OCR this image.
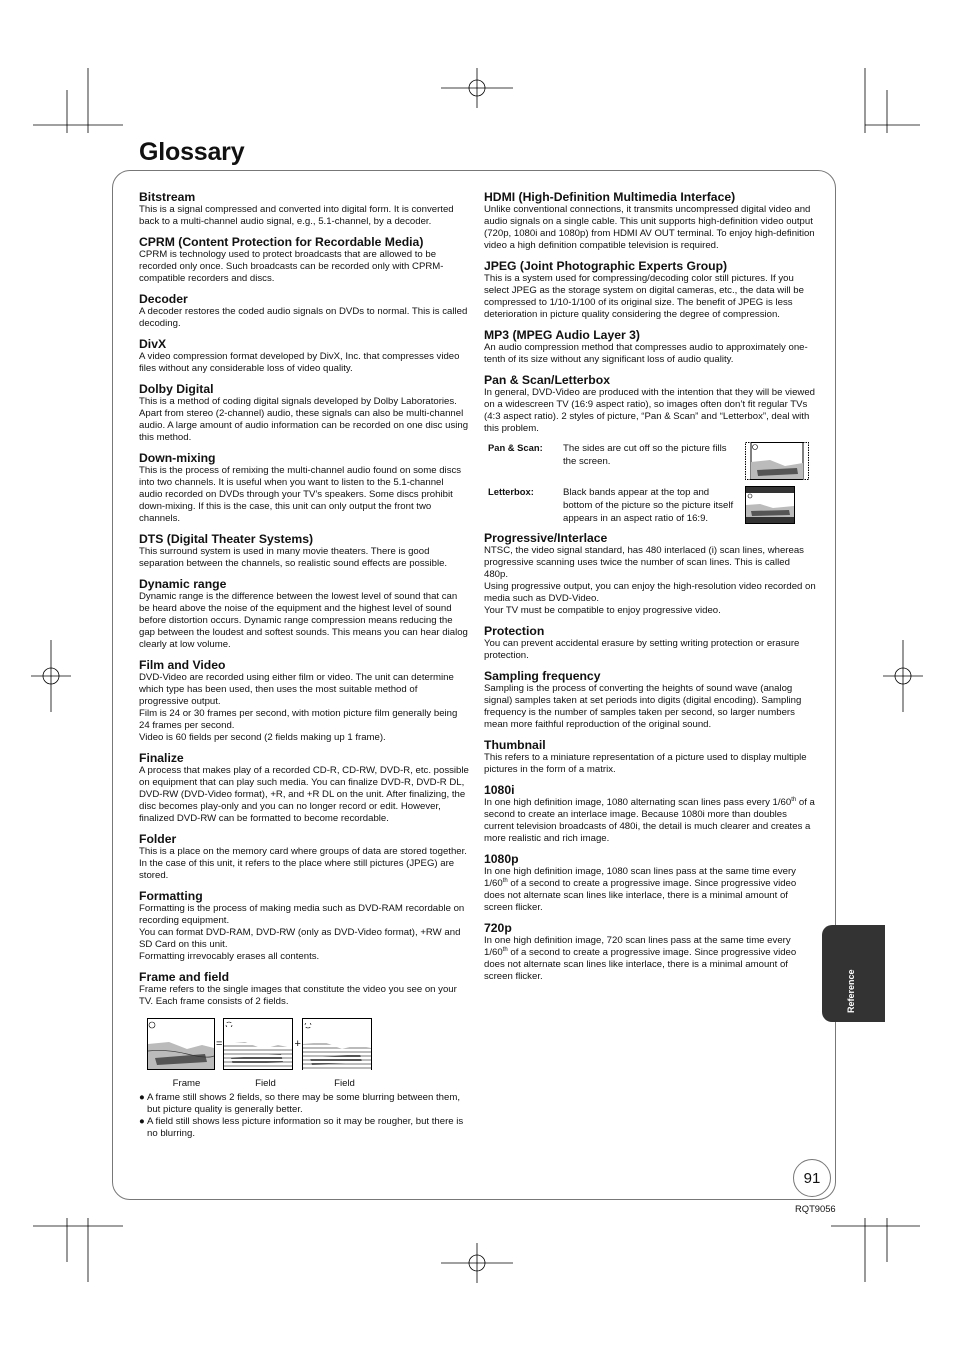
Glossary
Bitstream
This is a signal compressed and converted into digital form. It is converted back to a multi-channel audio signal, e.g., 5.1-channel, by a decoder.
CPRM (Content Protection for Recordable Media)
CPRM is technology used to protect broadcasts that are allowed to be recorded only once. Such broadcasts can be recorded only with CPRM-compatible recorders and discs.
Decoder
A decoder restores the coded audio signals on DVDs to normal. This is called decoding.
DivX
A video compression format developed by DivX, Inc. that compresses video files without any considerable loss of video quality.
Dolby Digital
This is a method of coding digital signals developed by Dolby Laboratories. Apart from stereo (2-channel) audio, these signals can also be multi-channel audio. A large amount of audio information can be recorded on one disc using this method.
Down-mixing
This is the process of remixing the multi-channel audio found on some discs into two channels. It is useful when you want to listen to the 5.1-channel audio recorded on DVDs through your TV’s speakers. Some discs prohibit down-mixing. If this is the case, this unit can only output the front two channels.
DTS (Digital Theater Systems)
This surround system is used in many movie theaters. There is good separation between the channels, so realistic sound effects are possible.
Dynamic range
Dynamic range is the difference between the lowest level of sound that can be heard above the noise of the equipment and the highest level of sound before distortion occurs. Dynamic range compression means reducing the gap between the loudest and softest sounds. This means you can hear dialog clearly at low volume.
Film and Video
DVD-Video are recorded using either film or video. The unit can determine which type has been used, then uses the most suitable method of progressive output.
Film is 24 or 30 frames per second, with motion picture film generally being 24 frames per second.
Video is 60 fields per second (2 fields making up 1 frame).
Finalize
A process that makes play of a recorded CD-R, CD-RW, DVD-R, etc. possible on equipment that can play such media. You can finalize DVD-R, DVD-R DL, DVD-RW (DVD-Video format), +R, and +R DL on the unit. After finalizing, the disc becomes play-only and you can no longer record or edit. However, finalized DVD-RW can be formatted to become recordable.
Folder
This is a place on the memory card where groups of data are stored together. In the case of this unit, it refers to the place where still pictures (JPEG) are stored.
Formatting
Formatting is the process of making media such as DVD-RAM recordable on recording equipment.
You can format DVD-RAM, DVD-RW (only as DVD-Video format), +RW and SD Card on this unit.
Formatting irrevocably erases all contents.
Frame and field
Frame refers to the single images that constitute the video you see on your TV. Each frame consists of 2 fields.
=	+
Frame	Field	Field
● A frame still shows 2 fields, so there may be some blurring between them, but picture quality is generally better.
● A field still shows less picture information so it may be rougher, but there is no blurring.
HDMI (High-Definition Multimedia Interface)
Unlike conventional connections, it transmits uncompressed digital video and audio signals on a single cable. This unit supports high-definition video output (720p, 1080i and 1080p) from HDMI AV OUT terminal. To enjoy high-definition video a high definition compatible television is required.
JPEG (Joint Photographic Experts Group)
This is a system used for compressing/decoding color still pictures. If you select JPEG as the storage system on digital cameras, etc., the data will be compressed to 1/10-1/100 of its original size. The benefit of JPEG is less deterioration in picture quality considering the degree of compression.
MP3 (MPEG Audio Layer 3)
An audio compression method that compresses audio to approximately one-tenth of its size without any significant loss of audio quality.
Pan & Scan/Letterbox
In general, DVD-Video are produced with the intention that they will be viewed on a widescreen TV (16:9 aspect ratio), so images often don’t fit regular TVs (4:3 aspect ratio). 2 styles of picture, “Pan & Scan” and “Letterbox”, deal with this problem.
Pan & Scan:	The sides are cut off so the picture fills the screen.
Letterbox:	Black bands appear at the top and bottom of the picture so the picture itself appears in an aspect ratio of 16:9.
Progressive/Interlace
NTSC, the video signal standard, has 480 interlaced (i) scan lines, whereas progressive scanning uses twice the number of scan lines. This is called 480p.
Using progressive output, you can enjoy the high-resolution video recorded on media such as DVD-Video.
Your TV must be compatible to enjoy progressive video.
Protection
You can prevent accidental erasure by setting writing protection or erasure protection.
Sampling frequency
Sampling is the process of converting the heights of sound wave (analog signal) samples taken at set periods into digits (digital encoding). Sampling frequency is the number of samples taken per second, so larger numbers mean more faithful reproduction of the original sound.
Thumbnail
This refers to a miniature representation of a picture used to display multiple pictures in the form of a matrix.
1080i
In one high definition image, 1080 alternating scan lines pass every 1/60th of a second to create an interlace image. Because 1080i more than doubles current television broadcasts of 480i, the detail is much clearer and creates a more realistic and rich image.
1080p
In one high definition image, 1080 scan lines pass at the same time every 1/60th of a second to create a progressive image. Since progressive video does not alternate scan lines like interlace, there is a minimal amount of screen flicker.
720p
In one high definition image, 720 scan lines pass at the same time every 1/60th of a second to create a progressive image. Since progressive video does not alternate scan lines like interlace, there is a minimal amount of screen flicker.	Reference
91
RQT9056
